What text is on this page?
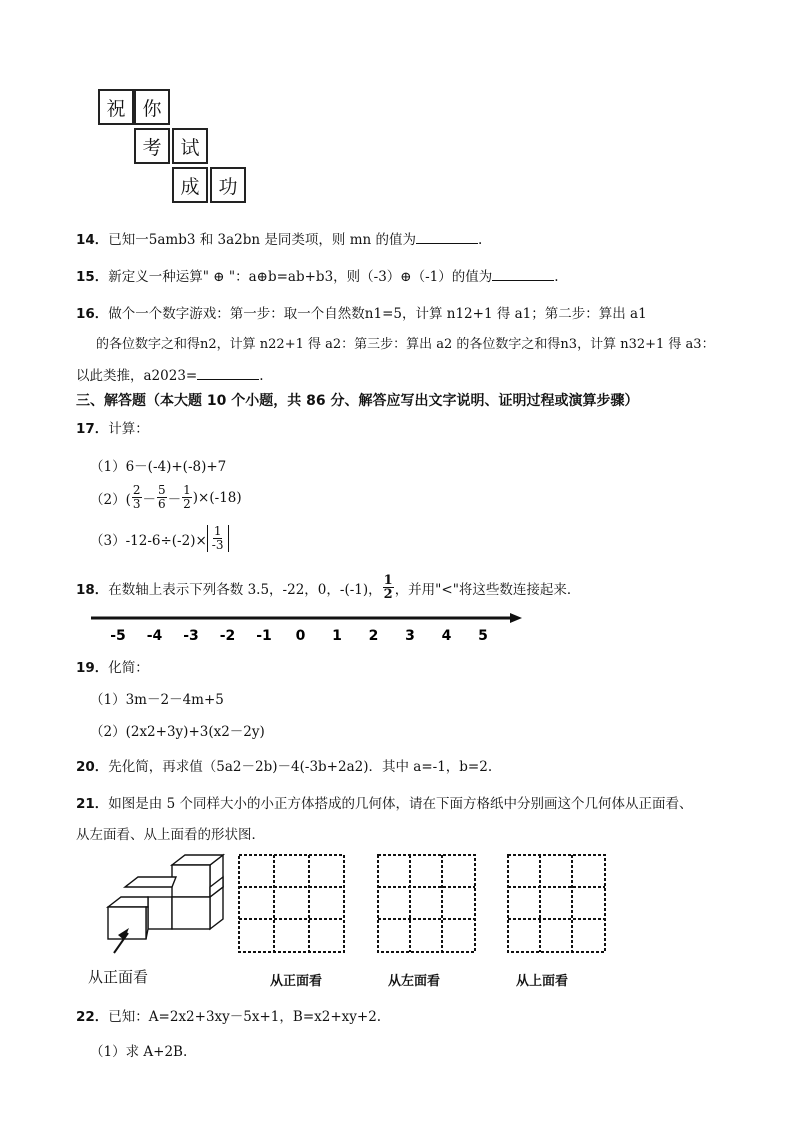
祝 你
考 试
成 功
14．已知一5amb3 和 3a2bn 是同类项，则 mn 的值为	.
15．新定义一种运算" ⊕ "：a⊕b=ab+b3，则（-3）⊕（-1）的值为	.
16．做个一个数字游戏：第一步：取一个自然数n1=5，计算 n12+1 得 a1；第二步：算出 a1
的各位数字之和得n2，计算 n22+1 得 a2：第三步：算出 a2 的各位数字之和得n3，计算 n32+1 得 a3：
以此类推，a2023=	.
三、解答题（本大题 10 个小题，共 86 分、解答应写出文字说明、证明过程或演算步骤）
17．计算：
（1）6－(-4)+(-8)+7
$(2)( \frac{2}{3} - \frac{5}{6} - \frac{1}{2} )\times(-18)$
$(3)-12-6\div(-2)\times \frac{1}{-3}$
18． 在数轴上表示下列各数 3.5，-22，0，-(-1)， $\frac{1}{2}$ ，并用"<"将这些数连接起来．
-5 -4 -3 -2 -1 0 1 2 3 4 5
19．化简：
（1）3m－2－4m+5
（2）(2x2+3y)+3(x2－2y)
20．先化简，再求值（5a2－2b)－4(-3b+2a2)．其中 a=-1，b=2.
21．如图是由 5 个同样大小的小正方体搭成的几何体，请在下面方格纸中分别画这个几何体从正面看、
从左面看、从上面看的形状图．
从正面看	从正面看	从左面看	从上面看
22．已知：A=2x2+3xy－5x+1，B=x2+xy+2.
（1）求 A+2B.
